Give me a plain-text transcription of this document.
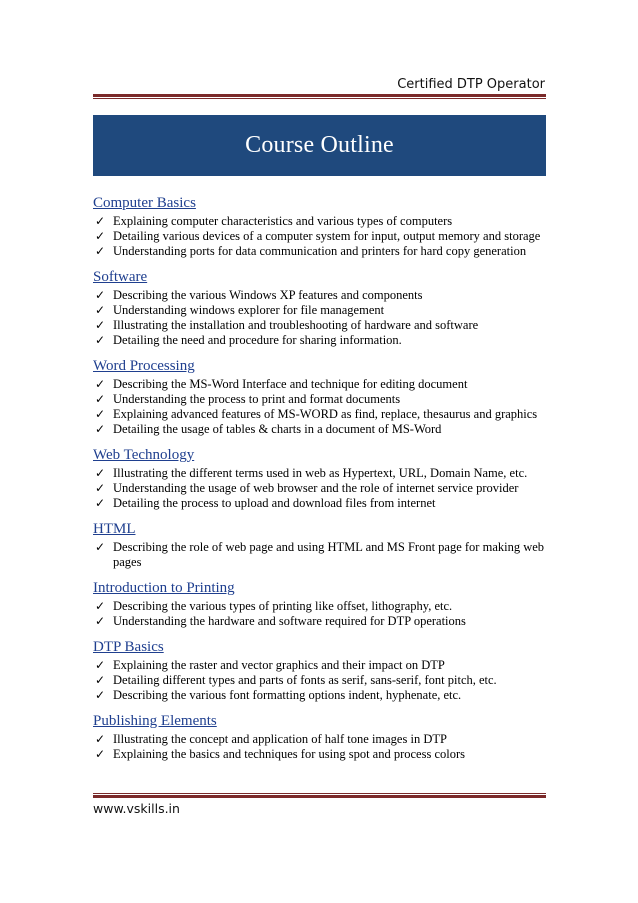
Certified DTP Operator
Course Outline
Computer Basics
✓ Explaining computer characteristics and various types of computers
✓ Detailing various devices of a computer system for input, output memory and storage
✓ Understanding ports for data communication and printers for hard copy generation
Software
✓ Describing the various Windows XP features and components
✓ Understanding windows explorer for file management
✓ Illustrating the installation and troubleshooting of hardware and software
✓ Detailing the need and procedure for sharing information.
Word Processing
✓ Describing the MS-Word Interface and technique for editing document
✓ Understanding the process to print and format documents
✓ Explaining advanced features of MS-WORD as find, replace, thesaurus and graphics
✓ Detailing the usage of tables & charts in a document of MS-Word
Web Technology
✓ Illustrating the different terms used in web as Hypertext, URL, Domain Name, etc.
✓ Understanding the usage of web browser and the role of internet service provider
✓ Detailing the process to upload and download files from internet
HTML
✓ Describing the role of web page and using HTML and MS Front page for making web pages
Introduction to Printing
✓ Describing the various types of printing like offset, lithography, etc.
✓ Understanding the hardware and software required for DTP operations
DTP Basics
✓ Explaining the raster and vector graphics and their impact on DTP
✓ Detailing different types and parts of fonts as serif, sans-serif, font pitch, etc.
✓ Describing the various font formatting options indent, hyphenate, etc.
Publishing Elements
✓ Illustrating the concept and application of half tone images in DTP
✓ Explaining the basics and techniques for using spot and process colors
www.vskills.in
